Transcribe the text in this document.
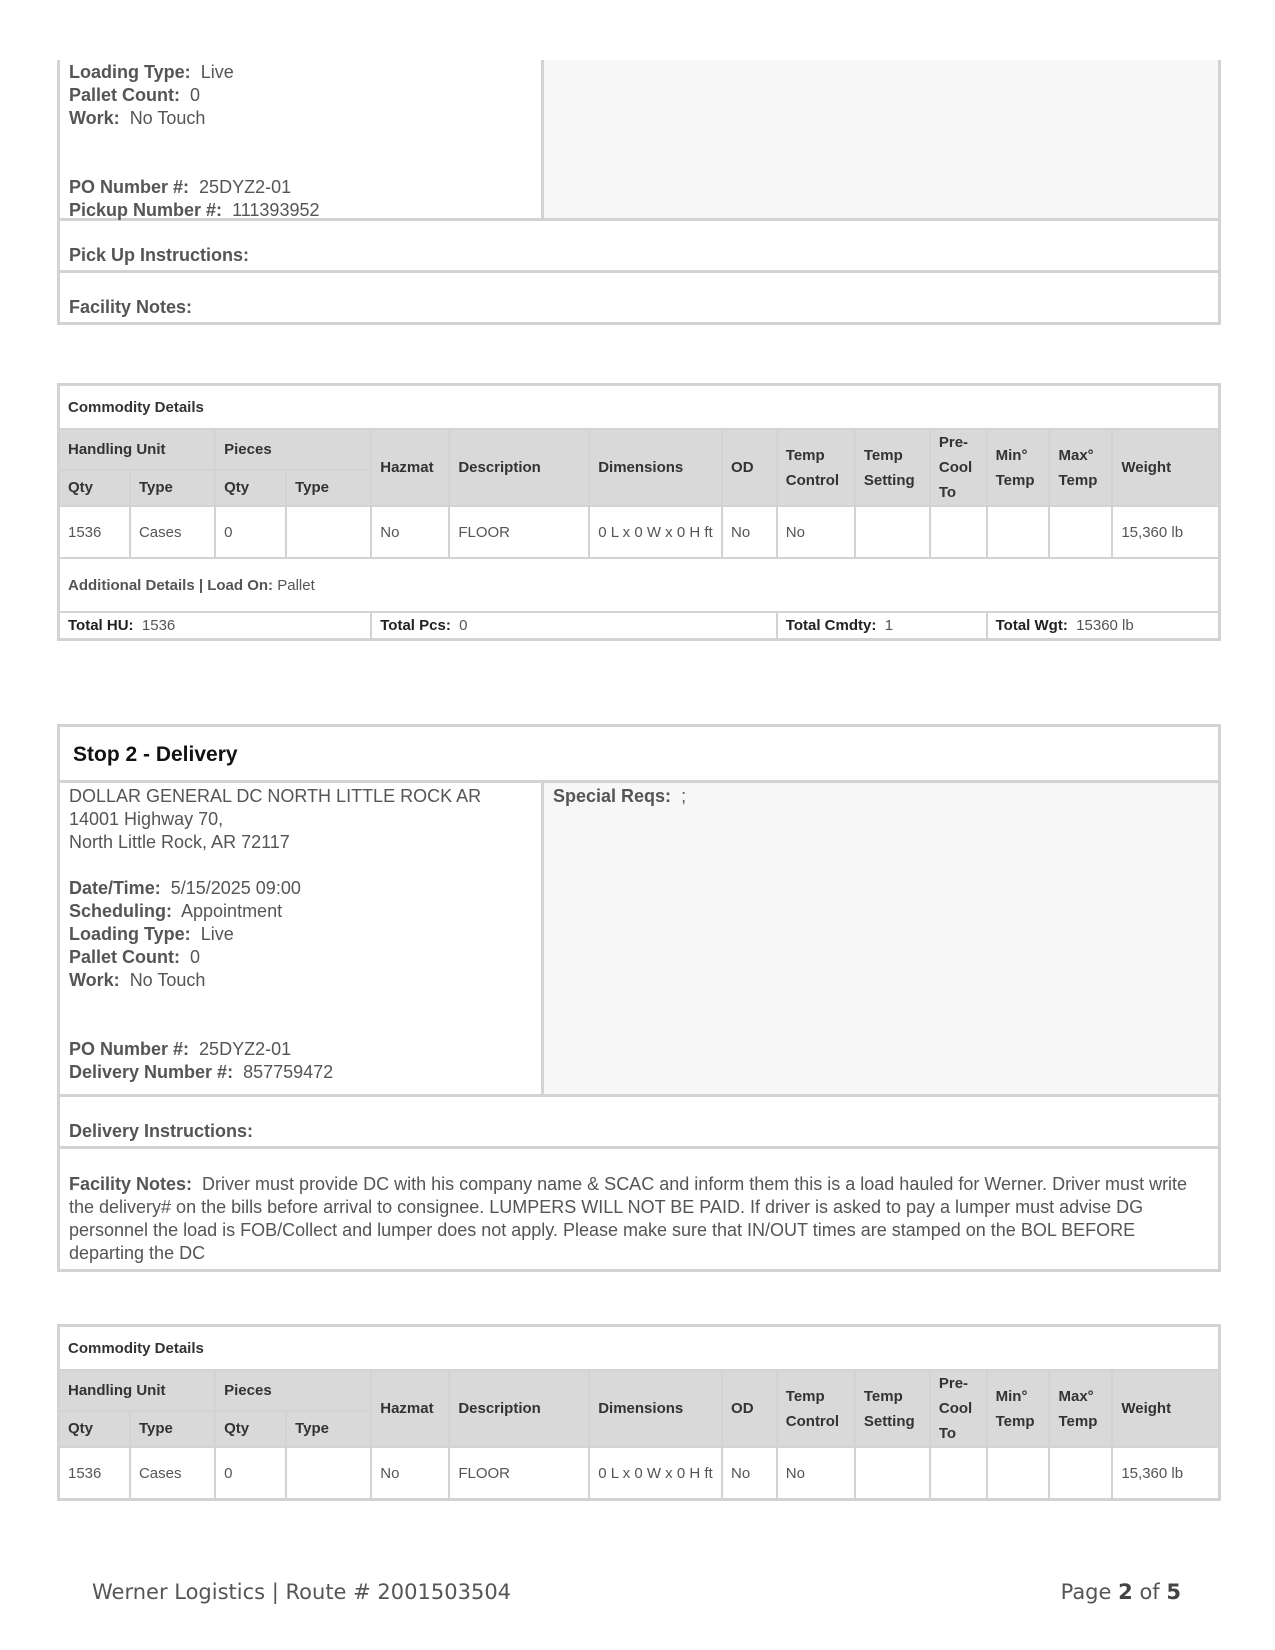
Loading Type: Live
Pallet Count: 0
Work: No Touch
PO Number #: 25DYZ2-01
Pickup Number #: 111393952
Pick Up Instructions:
Facility Notes:
Commodity Details													
Handling Unit		Pieces		Hazmat	Description	Dimensions	OD	Temp Control	Temp Setting	Pre-Cool To	Min° Temp	Max° Temp	Weight
Qty	Type	Qty	Type										
1536	Cases	0		No	FLOOR	0 L x 0 W x 0 H ft	No	No					15,360 lb
Additional Details | Load On: Pallet													
Total HU: 1536				Total Pcs: 0				Total Cmdty: 1			Total Wgt: 15360 lb		
Stop 2 - Delivery
DOLLAR GENERAL DC NORTH LITTLE ROCK AR
14001 Highway 70,
North Little Rock, AR 72117
Date/Time: 5/15/2025 09:00
Scheduling: Appointment
Loading Type: Live
Pallet Count: 0
Work: No Touch
PO Number #: 25DYZ2-01
Delivery Number #: 857759472
Special Reqs: ;
Delivery Instructions:
Facility Notes: Driver must provide DC with his company name & SCAC and inform them this is a load hauled for Werner. Driver must write the delivery# on the bills before arrival to consignee. LUMPERS WILL NOT BE PAID. If driver is asked to pay a lumper must advise DG personnel the load is FOB/Collect and lumper does not apply. Please make sure that IN/OUT times are stamped on the BOL BEFORE departing the DC
Commodity Details													
Handling Unit		Pieces		Hazmat	Description	Dimensions	OD	Temp Control	Temp Setting	Pre-Cool To	Min° Temp	Max° Temp	Weight
Qty	Type	Qty	Type										
1536	Cases	0		No	FLOOR	0 L x 0 W x 0 H ft	No	No					15,360 lb
Werner Logistics | Route # 2001503504	Page 2 of 5
